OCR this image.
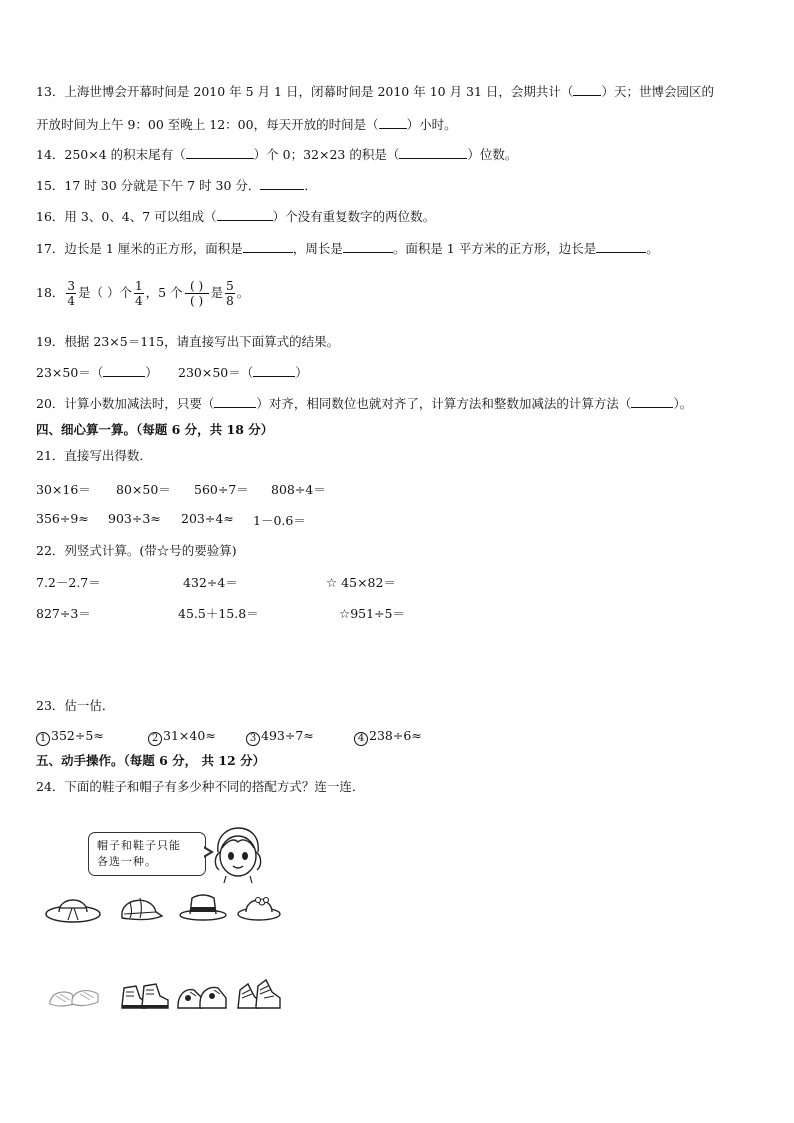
13．上海世博会开幕时间是 2010 年 5 月 1 日，闭幕时间是 2010 年 10 月 31 日，会期共计（ ）天；世博会园区的
开放时间为上午 9：00 至晚上 12：00，每天开放的时间是（ ）小时。
14．250×4 的积末尾有（	）个 0；32×23 的积是（	）位数。
15．17 时 30 分就是下午 7 时 30 分．	．
16．用 3、0、4、7 可以组成（	）个没有重复数字的两位数。
17．边长是 1 厘米的正方形，面积是	，周长是	。面积是 1 平方米的正方形，边长是	。
18． $\frac{3}{4}$ 是（ ）个 $\frac{1}{4}$ ，5 个 $\frac{( )}{( )}$ 是 $\frac{5}{8}$ 。
19．根据 23×5＝115，请直接写出下面算式的结果。
23×50＝（	） 230×50＝（	）
20．计算小数加减法时，只要（	）对齐，相同数位也就对齐了，计算方法和整数加减法的计算方法（	）。
四、细心算一算。（每题 6 分，共 18 分）
21．直接写出得数．
30×16＝ 80×50＝ 560÷7＝ 808÷4＝
356÷9≈ 903÷3≈ 203÷4≈ 1－0.6＝
22．列竖式计算。(带☆号的要验算)
7.2－2.7＝	432÷4＝	☆ 45×82＝
827÷3＝	45.5＋15.8＝	☆951÷5＝
23．估一估．
1 352÷5≈	2 31×40≈	3 493÷7≈	4 238÷6≈
五、动手操作。（每题 6 分， 共 12 分）
24．下面的鞋子和帽子有多少种不同的搭配方式？连一连．
帽子和鞋子只能
各选一种。
